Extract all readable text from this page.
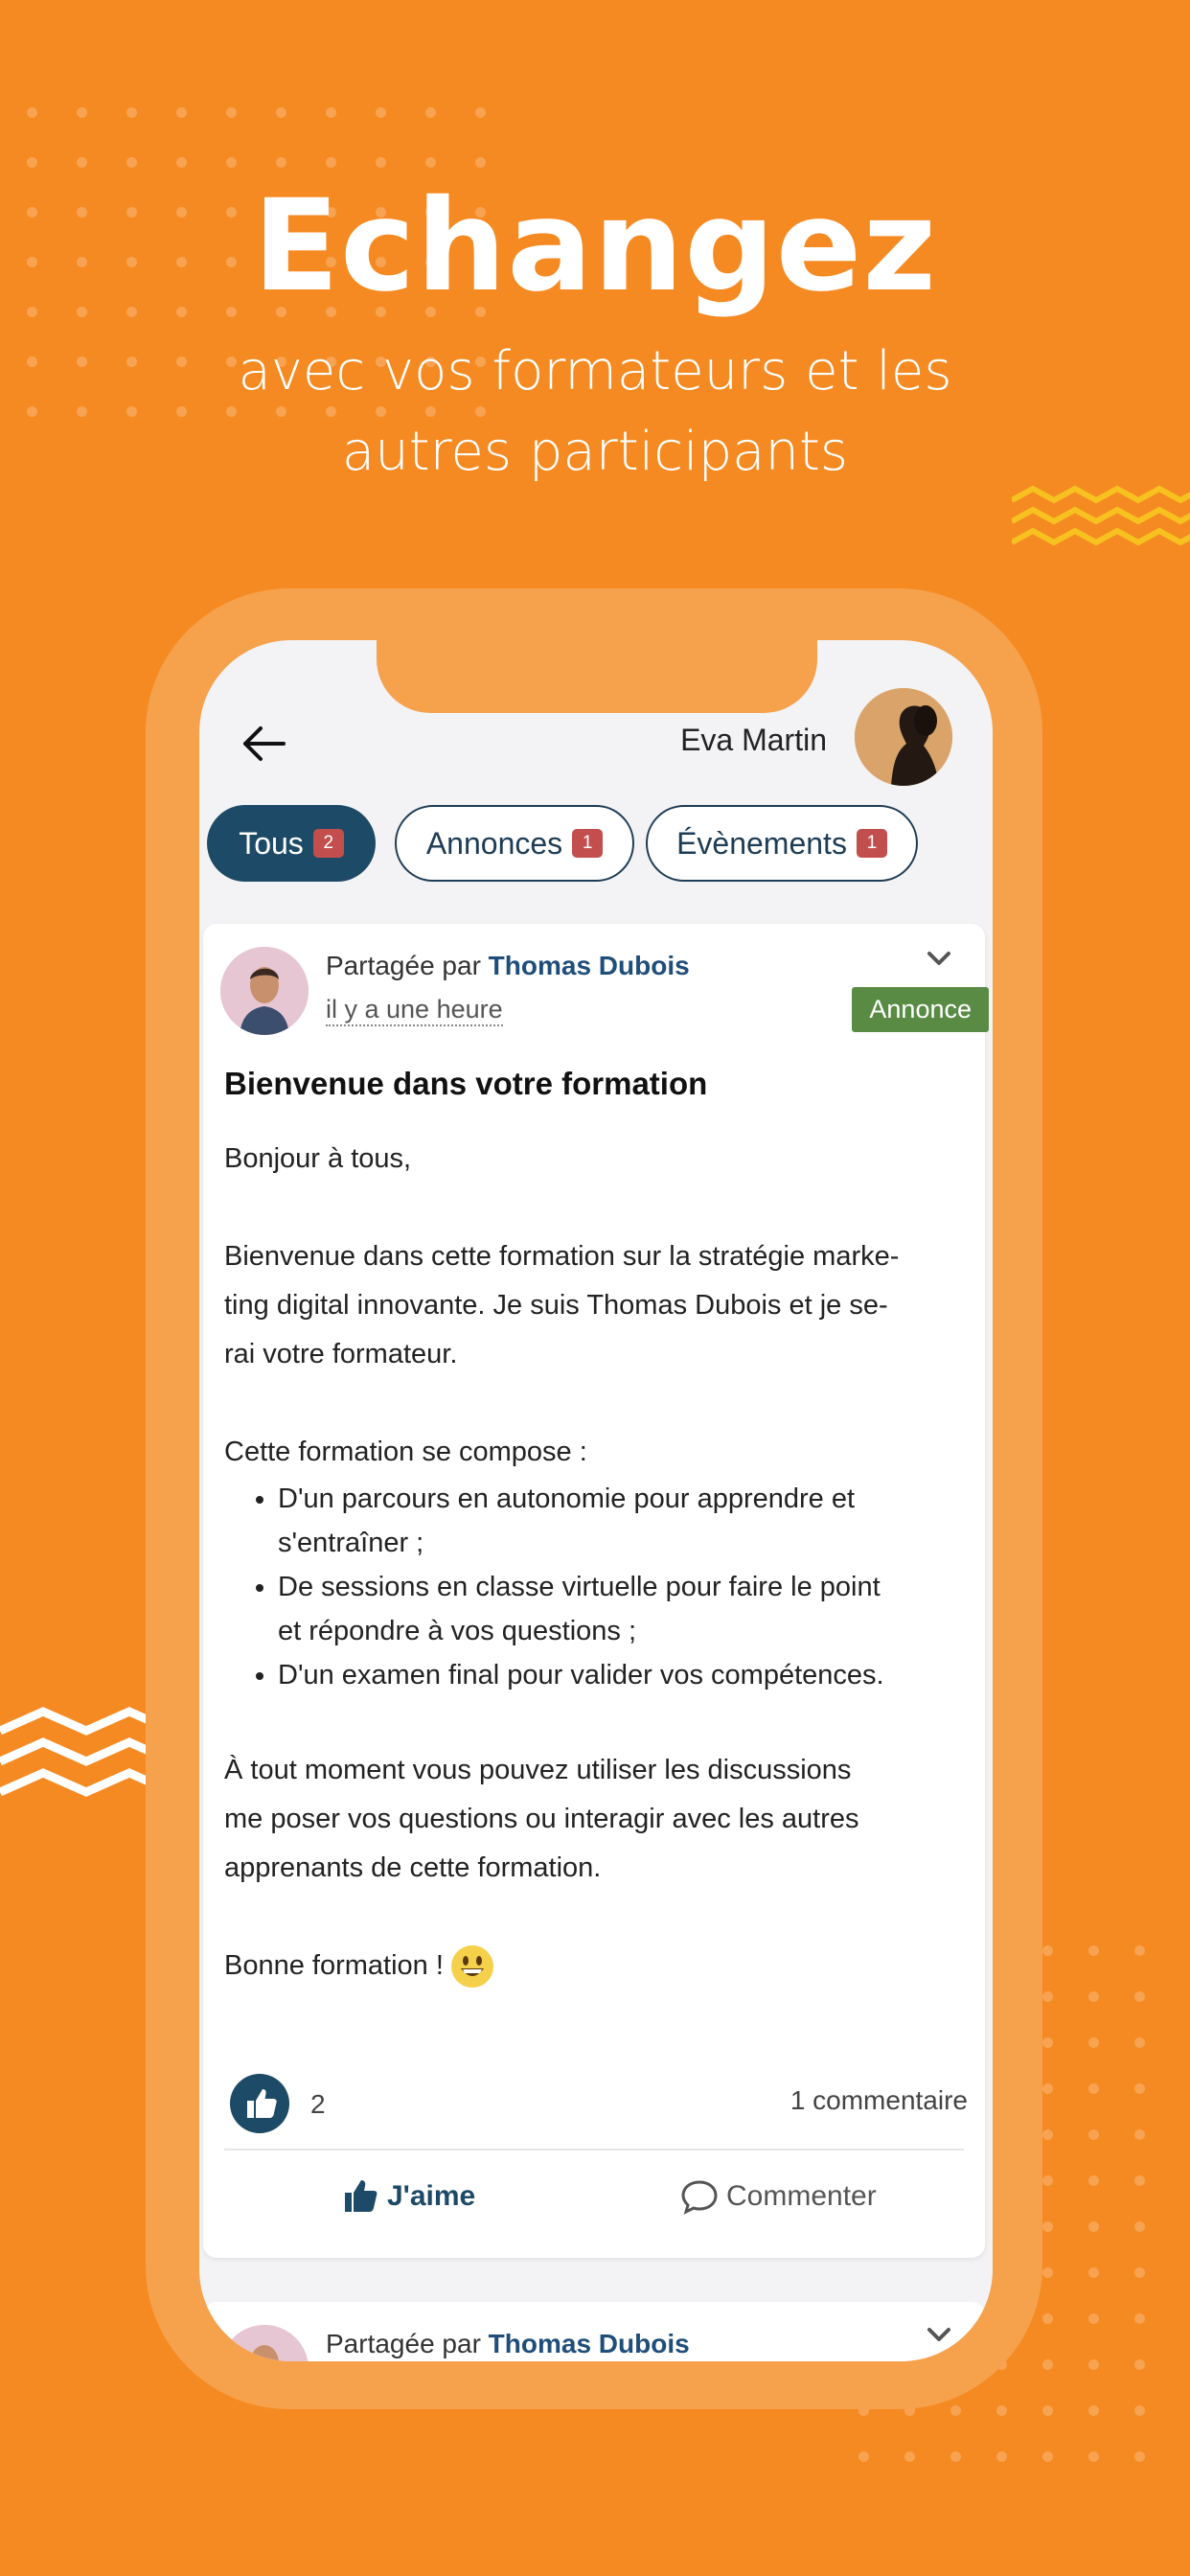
Echangez
avec vos formateurs et les
autres participants
Eva Martin
Tous	2	Annonces	1	Évènements	1
Partagée par Thomas Dubois
il y a une heure	Annonce
Bienvenue dans votre formation

Bonjour à tous,

Bienvenue dans cette formation sur la stratégie marke-

ting digital innovante. Je suis Thomas Dubois et je se-

rai votre formateur.

Cette formation se compose :

• D'un parcours en autonomie pour apprendre et
s'entraîner ;
• De sessions en classe virtuelle pour faire le point
et répondre à vos questions ;
• D'un examen final pour valider vos compétences.

À tout moment vous pouvez utiliser les discussions

me poser vos questions ou interagir avec les autres

apprenants de cette formation.

Bonne formation !

2	1 commentaire
J'aime	Commenter
Partagée par Thomas Dubois
